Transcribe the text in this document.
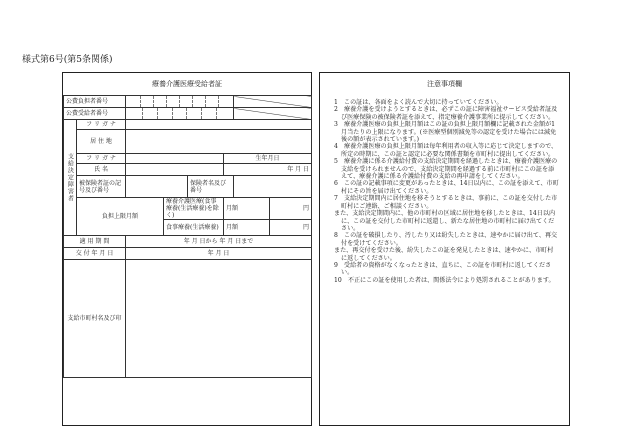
様式第6号(第5条関係)
療養介護医療受給者証
公費負担者番号						

公費受給者番号						

支給決定障害者	フ リ ガ ナ						
	居 住 地						
	フ リ ガ ナ				生年月日		
	氏 名				年 月 日		
	被保険者証の記号及び番号			保険者名及び番号			
	負担上限月額		療養介護医療(食事療養(生活療養)を除く)		月額		円
			食事療養(生活療養)		月額		円
適 用 期 間		年 月 日から 年 月 日まで					
交 付 年 月 日		年 月 日					
支給市町村名及び印							
注意事項欄

1　この証は、各面をよく読んで大切に持っていてください。

2　療養介護を受けようとするときは、必ずこの証に障害福祉サービス受給者証及び医療保険の被保険者証を添えて、指定療養介護事業所に提示してください。

3　療養介護医療の負担上限月額はこの証の負担上限月額欄に記載された金額が1月当たりの上限になります。(※医療型個別減免等の認定を受けた場合には減免後の額が表示されています。)

4　療養介護医療の負担上限月額は毎年利用者の収入等に応じて決定しますので、所定の時期に、この証と認定に必要な関係書類を市町村に提出してください。

5　療養介護に係る介護給付費の支給決定期間を経過したときは、療養介護医療の支給を受けられませんので、支給決定期間を経過する前に市町村にこの証を添えて、療養介護に係る介護給付費の支給の再申請をしてください。

6　この証の記載事項に変更があったときは、14日以内に、この証を添えて、市町村にその旨を届け出てください。

7　支給決定期間内に居住地を移そうとするときは、事前に、この証を交付した市町村にご連絡、ご相談ください。

また、支給決定期間内に、他の市町村の区域に居住地を移したときは、14日以内に、この証を交付した市町村に返還し、新たな居住地の市町村に届け出てください。

8　この証を破損したり、汚したり又は紛失したときは、速やかに届け出て、再交付を受けてください。

また、再交付を受けた後、紛失したこの証を発見したときは、速やかに、市町村に返してください。

9　受給者の資格がなくなったときは、直ちに、この証を市町村に返してください。

10　不正にこの証を使用した者は、関係法令により処罰されることがあります。
